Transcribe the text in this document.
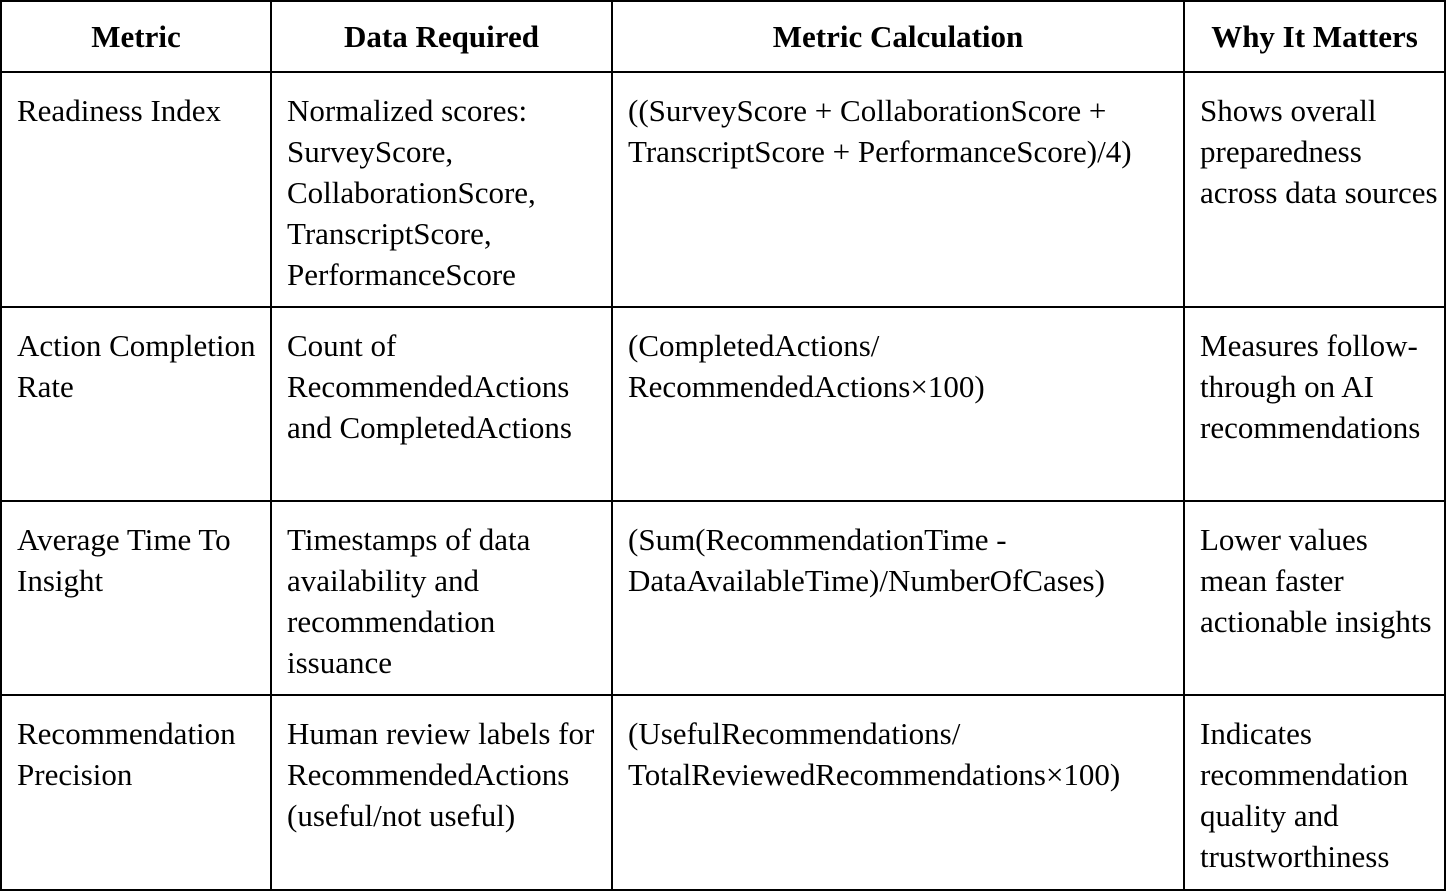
Metric	Data Required	Metric Calculation	Why It Matters

Readiness Index	Normalized scores: SurveyScore, CollaborationScore, TranscriptScore, PerformanceScore	((SurveyScore + CollaborationScore + TranscriptScore + PerformanceScore)/4)	Shows overall preparedness across data sources

Action Completion Rate	Count of RecommendedActions and CompletedActions	(CompletedActions/ RecommendedActions×100)	Measures follow-through on AI recommendations

Average Time To Insight	Timestamps of data availability and recommendation issuance	(Sum(RecommendationTime - DataAvailableTime)/NumberOfCases)	Lower values mean faster actionable insights

Recommendation Precision	Human review labels for RecommendedActions (useful/not useful)	(UsefulRecommendations/ TotalReviewedRecommendations×100)	Indicates recommendation quality and trustworthiness
